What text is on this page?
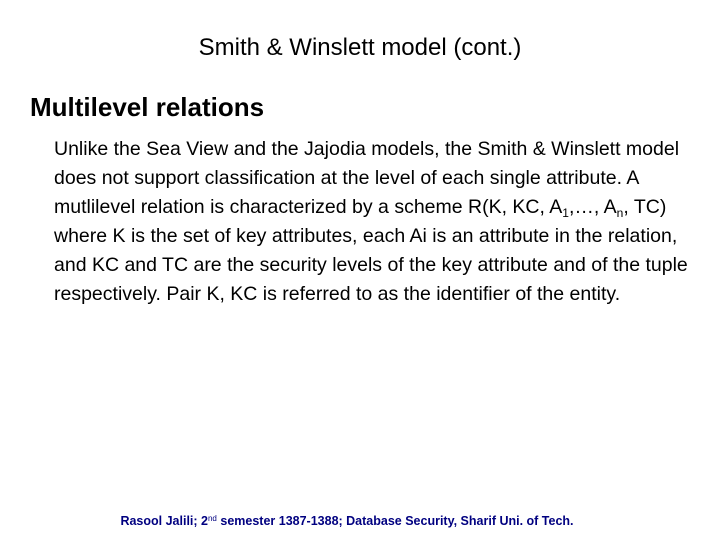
Smith & Winslett model (cont.)
Multilevel relations

Unlike the Sea View and the Jajodia models, the Smith & Winslett model does not support classification at the level of each single attribute. A mutlilevel relation is characterized by a scheme R(K, KC, $A_1,\dots$, $A_n$, TC) where K is the set of key attributes, each Ai is an attribute in the relation, and KC and TC are the security levels of the key attribute and of the tuple respectively. Pair K, KC is referred to as the identifier of the entity.

Rasool Jalili; 2nd semester 1387-1388; Database Security, Sharif Uni. of Tech.
